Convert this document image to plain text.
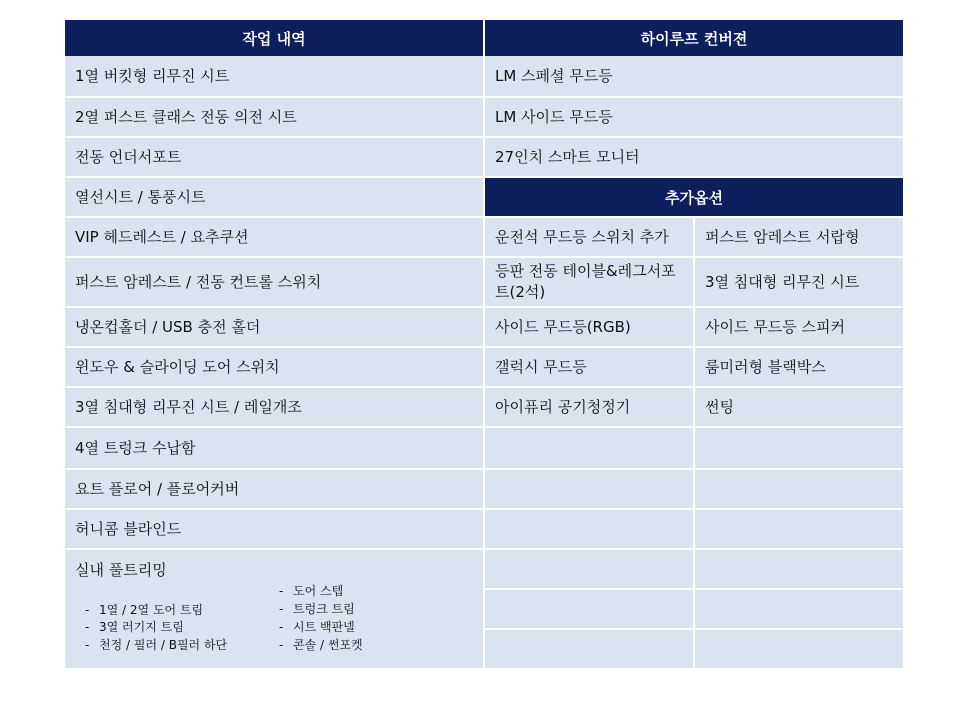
작업 내역	하이루프 컨버젼
1열 버킷형 리무진 시트
2열 퍼스트 클래스 전동 의전 시트
전동 언더서포트
열선시트 / 통풍시트
VIP 헤드레스트 / 요추쿠션
퍼스트 암레스트 / 전동 컨트롤 스위치
냉온컵홀더 / USB 충전 홀더
윈도우 & 슬라이딩 도어 스위치
3열 침대형 리무진 시트 / 레일개조
4열 트렁크 수납함
요트 플로어 / 플로어커버
허니콤 블라인드
실내 풀트리밍
- 1열 / 2열 도어 트림
- 3열 러기지 트림
- 천정 / 필러 / B필러 하단
- 도어 스텝
- 트렁크 트림
- 시트 백판넬
- 콘솔 / 썬포켓
LM 스페셜 무드등
LM 사이드 무드등
27인치 스마트 모니터
추가옵션
운전석 무드등 스위치 추가
등판 전동 테이블&레그서포트(2석)
사이드 무드등(RGB)
갤럭시 무드등
아이퓨리 공기청정기
퍼스트 암레스트 서랍형
3열 침대형 리무진 시트
사이드 무드등 스피커
룸미러형 블랙박스
썬팅
